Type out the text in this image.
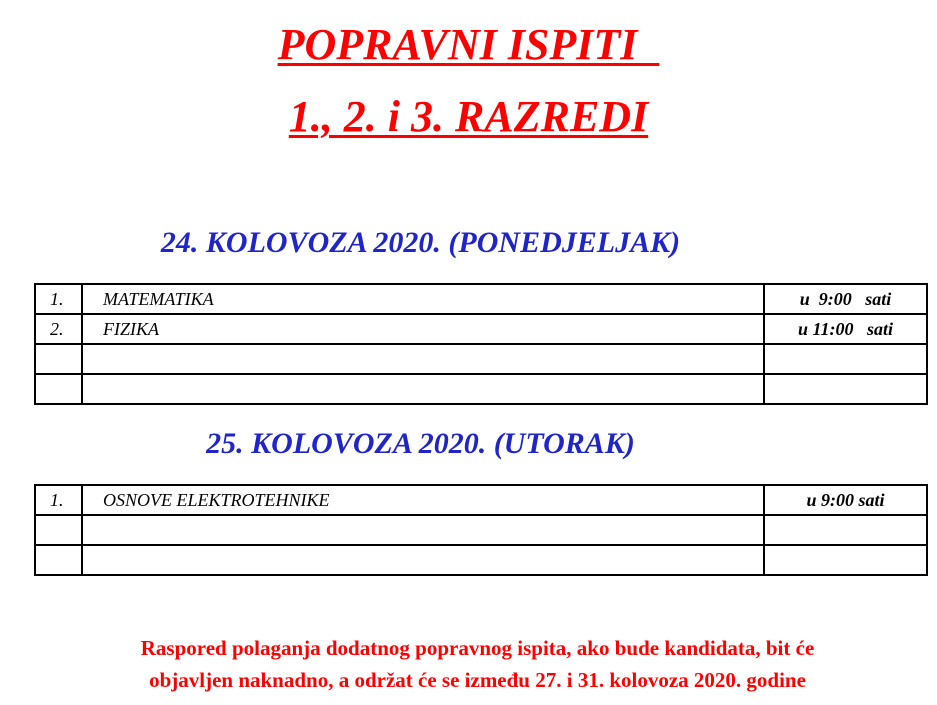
POPRAVNI ISPITI
1., 2. i 3. RAZREDI
24. KOLOVOZA 2020. (PONEDJELJAK)
1.	MATEMATIKA	u  9:00   sati
2.	FIZIKA	u 11:00   sati

25. KOLOVOZA 2020. (UTORAK)
1.	OSNOVE ELEKTROTEHNIKE	u 9:00 sati

Raspored polaganja dodatnog popravnog ispita, ako bude kandidata, bit će
objavljen naknadno, a održat će se između 27. i 31. kolovoza 2020. godine
